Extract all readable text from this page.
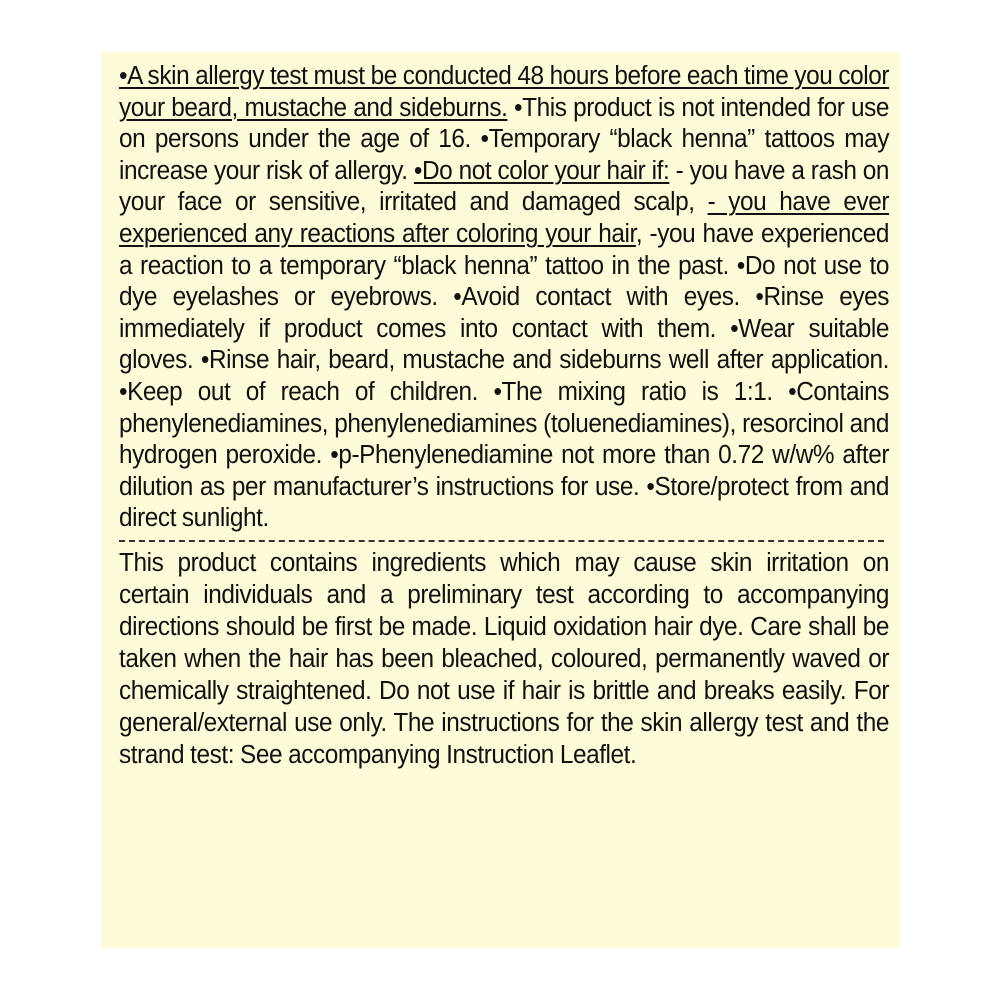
•A skin allergy test must be conducted 48 hours before each time you color your beard, mustache and sideburns. •This product is not intended for use on persons under the age of 16. •Temporary “black henna” tattoos may increase your risk of allergy. •Do not color your hair if: - you have a rash on your face or sensitive, irritated and damaged scalp, - you have ever experienced any reactions after coloring your hair, -you have experienced a reaction to a temporary “black henna” tattoo in the past. •Do not use to dye eyelashes or eyebrows. •Avoid contact with eyes. •Rinse eyes immediately if product comes into contact with them. •Wear suitable gloves. •Rinse hair, beard, mustache and sideburns well after application. •Keep out of reach of children. •The mixing ratio is 1:1. •Contains phenylenediamines, phenylenediamines (toluenediamines), resorcinol and hydrogen peroxide. •p-Phenylenediamine not more than 0.72 w/w% after dilution as per manufacturer’s instructions for use. •Store/protect from and direct sunlight.
This product contains ingredients which may cause skin irritation on certain individuals and a preliminary test according to accompanying directions should be first be made. Liquid oxidation hair dye. Care shall be taken when the hair has been bleached, coloured, permanently waved or chemically straightened. Do not use if hair is brittle and breaks easily. For general/external use only. The instructions for the skin allergy test and the strand test: See accompanying Instruction Leaflet.
